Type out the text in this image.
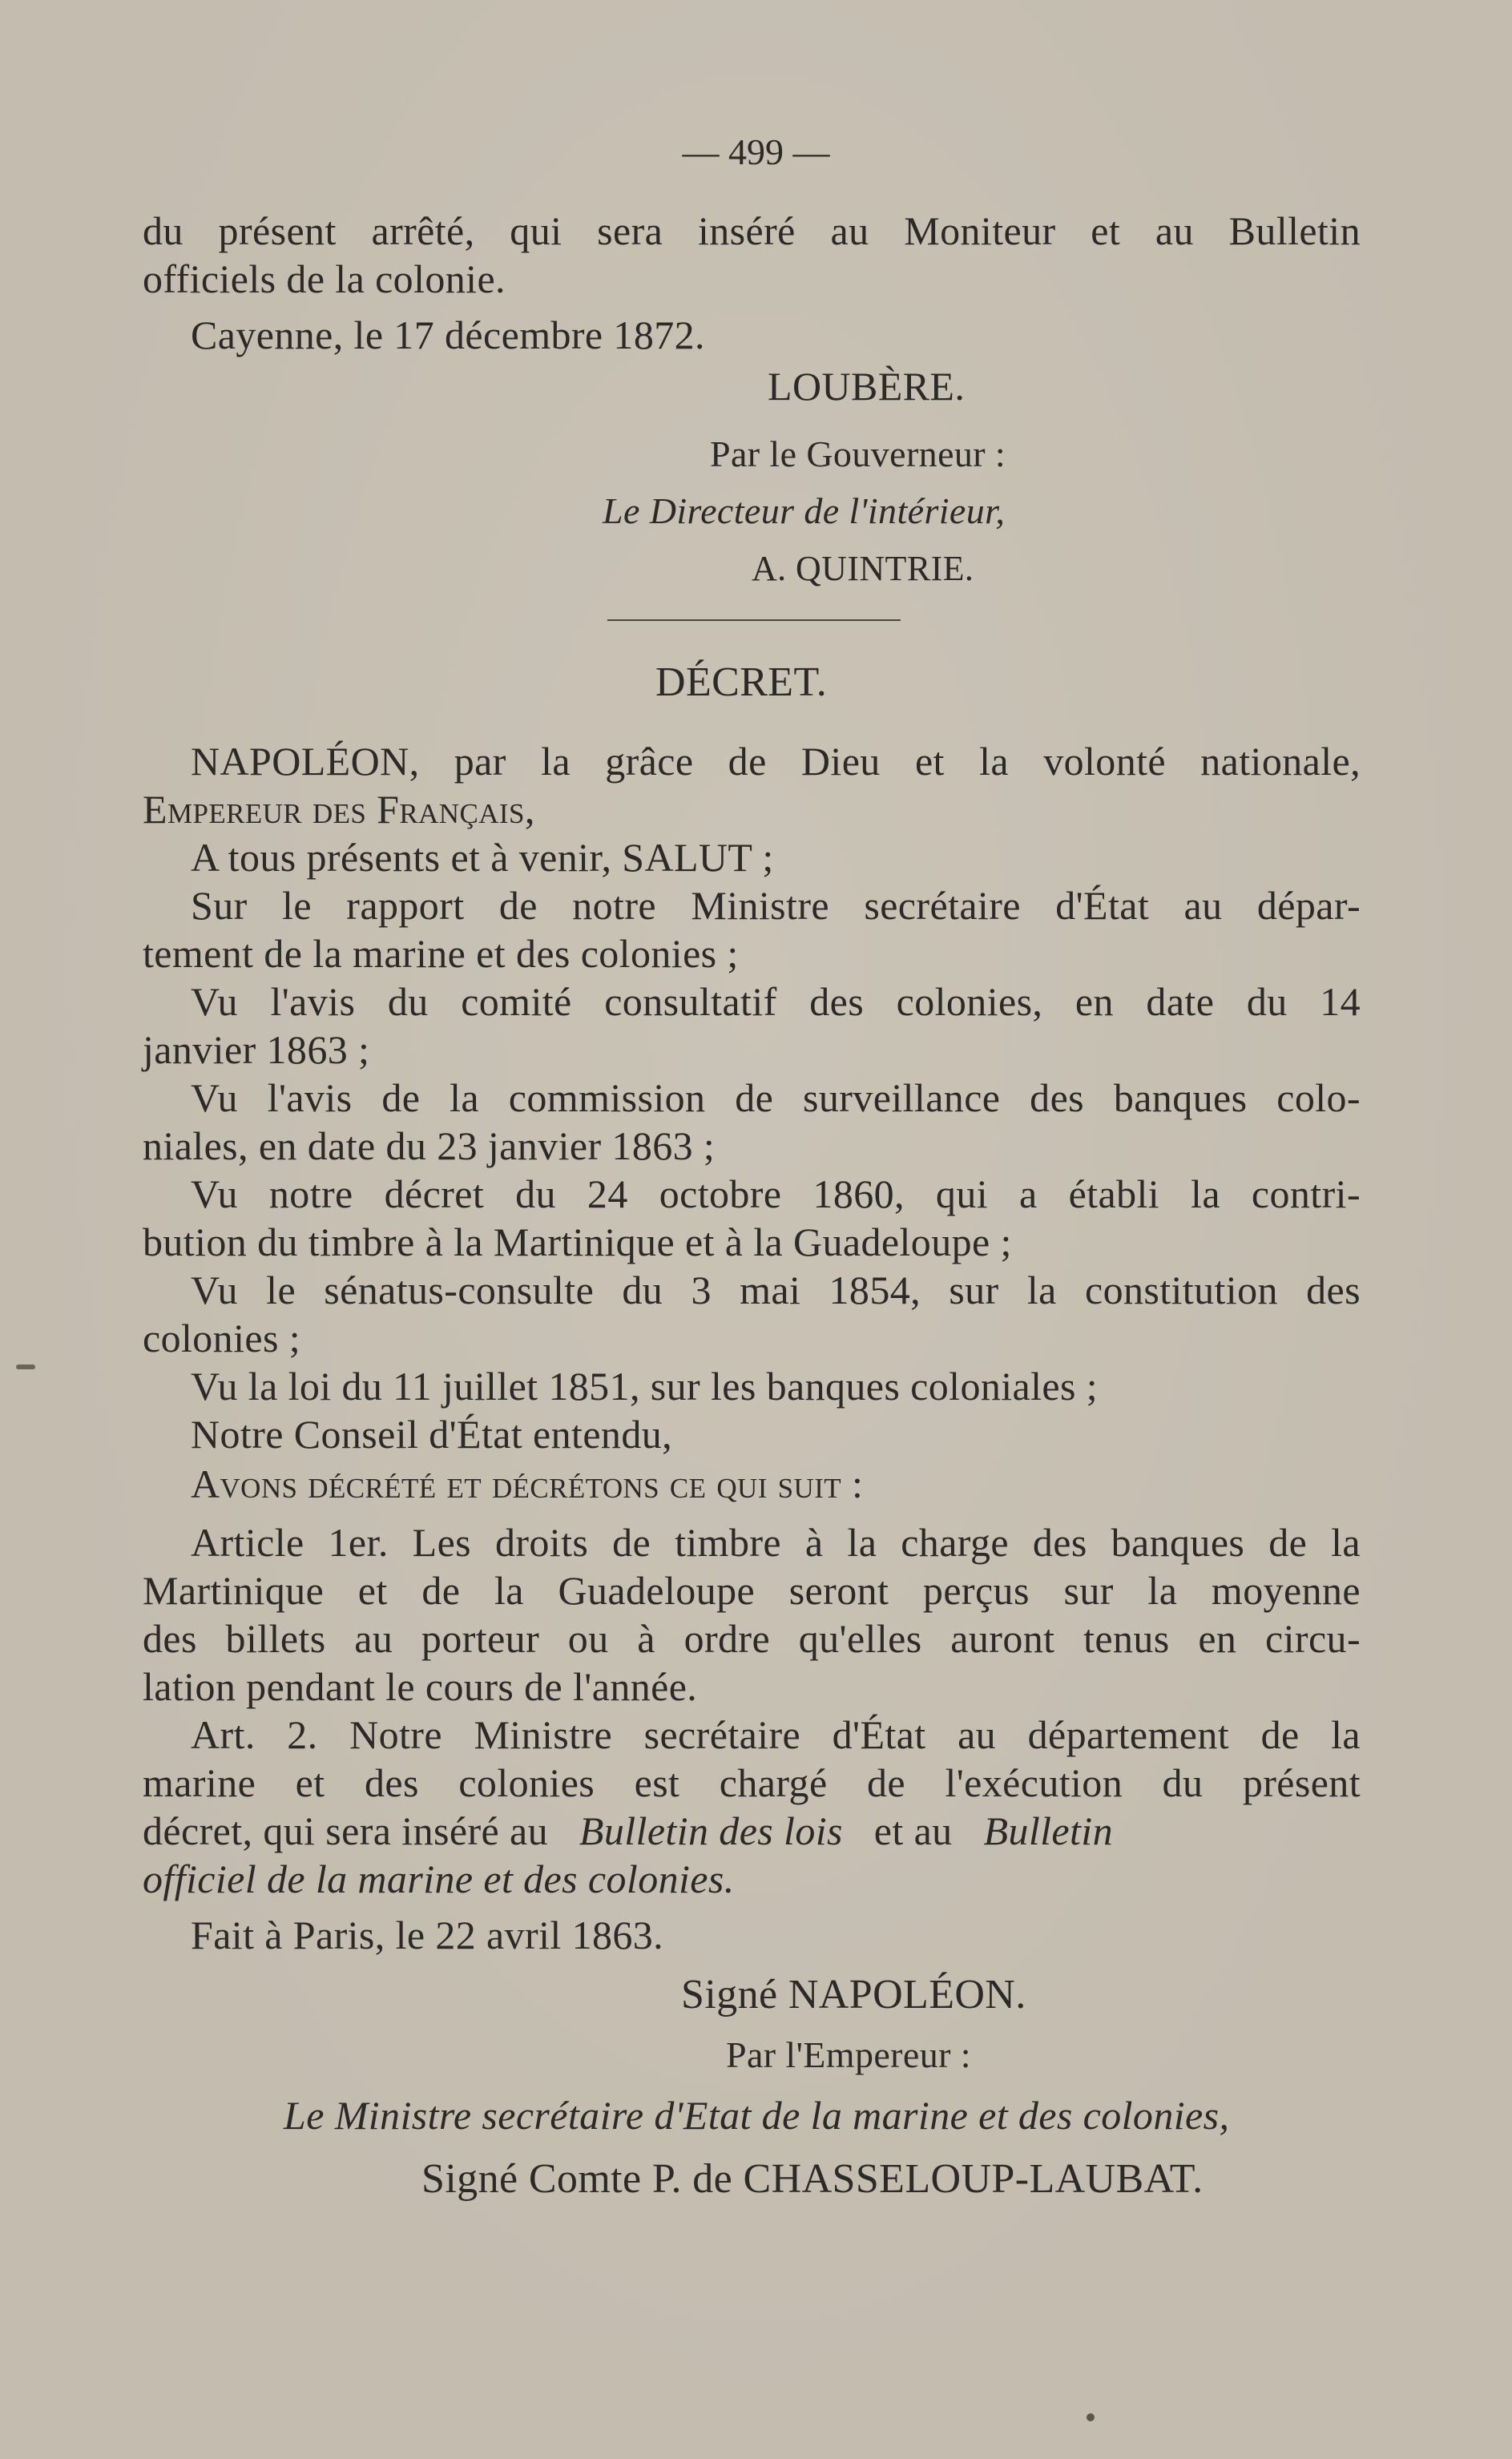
— 499 —
du présent arrêté, qui sera inséré au Moniteur et au Bulletin
officiels de la colonie.
Cayenne, le 17 décembre 1872.
LOUBÈRE.
Par le Gouverneur :
Le Directeur de l'intérieur,
A. QUINTRIE.
DÉCRET.
NAPOLÉON, par la grâce de Dieu et la volonté nationale,
Empereur des Français,
A tous présents et à venir, SALUT ;
Sur le rapport de notre Ministre secrétaire d'État au dépar-
tement de la marine et des colonies ;
Vu l'avis du comité consultatif des colonies, en date du 14
janvier 1863 ;
Vu l'avis de la commission de surveillance des banques colo-
niales, en date du 23 janvier 1863 ;
Vu notre décret du 24 octobre 1860, qui a établi la contri-
bution du timbre à la Martinique et à la Guadeloupe ;
Vu le sénatus-consulte du 3 mai 1854, sur la constitution des
colonies ;
Vu la loi du 11 juillet 1851, sur les banques coloniales ;
Notre Conseil d'État entendu,
Avons décrété et décrétons ce qui suit :
Article 1er. Les droits de timbre à la charge des banques de la
Martinique et de la Guadeloupe seront perçus sur la moyenne
des billets au porteur ou à ordre qu'elles auront tenus en circu-
lation pendant le cours de l'année.
Art. 2. Notre Ministre secrétaire d'État au département de la
marine et des colonies est chargé de l'exécution du présent
décret, qui sera inséré au Bulletin des lois et au Bulletin
officiel de la marine et des colonies.
Fait à Paris, le 22 avril 1863.
Signé NAPOLÉON.
Par l'Empereur :
Le Ministre secrétaire d'Etat de la marine et des colonies,
Signé Comte P. de CHASSELOUP-LAUBAT.
